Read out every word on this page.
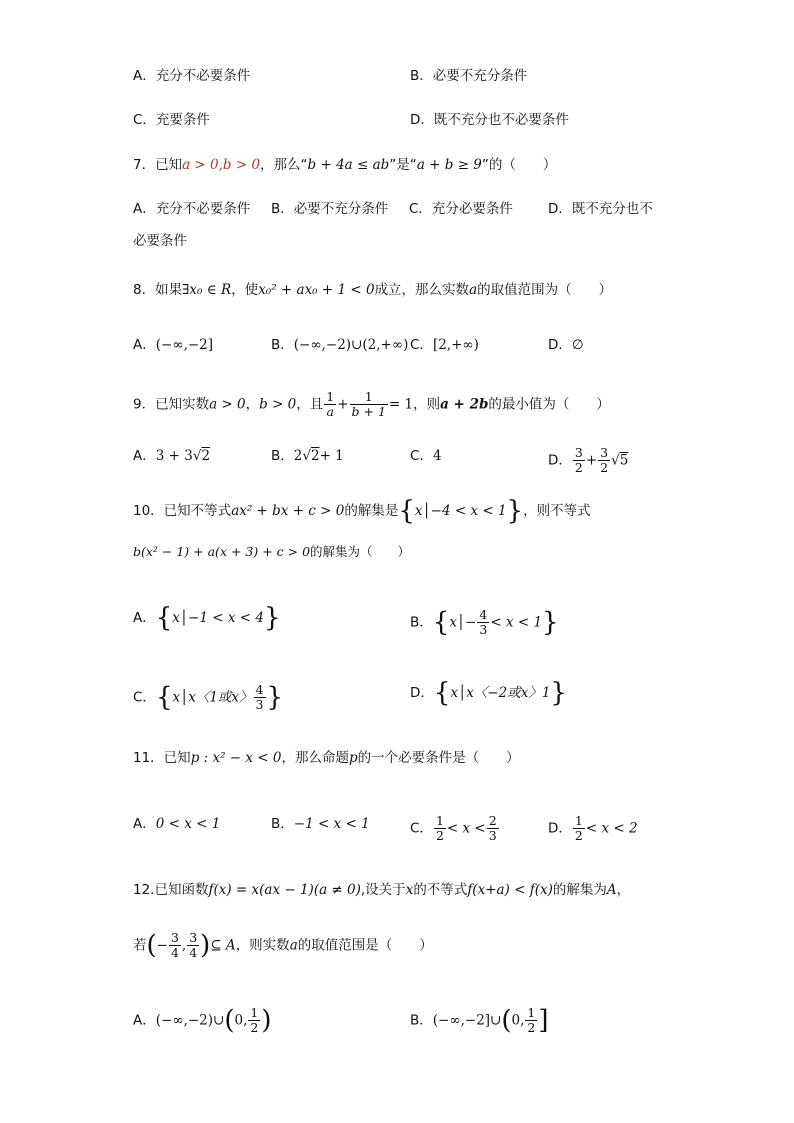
A．充分不必要条件	B．必要不充分条件
C．充要条件	D．既不充分也不必要条件
7．已知a > 0,b > 0，那么“b + 4a ≤ ab”是“a + b ≥ 9”的（　　）
A．充分不必要条件 B．必要不充分条件 C．充分必要条件	D．既不充分也不
必要条件
8．如果∃x₀ ∈ R，使x₀² + ax₀ + 1 < 0成立，那么实数a的取值范围为（　　）
A．(−∞,−2]	B．(−∞,−2)∪(2,+∞) C．[2,+∞)	D．∅
9．已知实数a > 0，b > 0，且 $\frac{1}{a} + \frac{1}{b + 1} = 1$，则a + 2b的最小值为（　　）
A．3 + 3√2	B．2√2+ 1	C．4	D． $\frac{3}{2} + \frac{3}{2} √5$
10．已知不等式ax² + bx + c > 0的解集是{x│−4 < x < 1}，则不等式
b(x² − 1) + a(x + 3) + c > 0的解集为（　　）
A．{x│−1 < x < 4}	B．{x│− $\frac{4}{3} < x < 1$}
C．{x│x〈1或x〉 $\frac{4}{3}$ }	D．{x│x〈−2或x〉1}
11．已知p : x² − x < 0，那么命题p的一个必要条件是（　　）
A．0 < x < 1	B．−1 < x < 1	C． $\frac{1}{2} < x < \frac{2}{3}$	D． $\frac{1}{2} < x < 2$
12.已知函数f(x) = x(ax − 1)(a ≠ 0),设关于x的不等式f(x+a) < f(x)的解集为A，
若(− $\frac{3}{4}$ , $\frac{3}{4}$ )⊆ A，则实数a的取值范围是（　　）
A．(−∞,−2)∪(0, $\frac{1}{2}$ )	B．(−∞,−2]∪(0, $\frac{1}{2}$ ]
